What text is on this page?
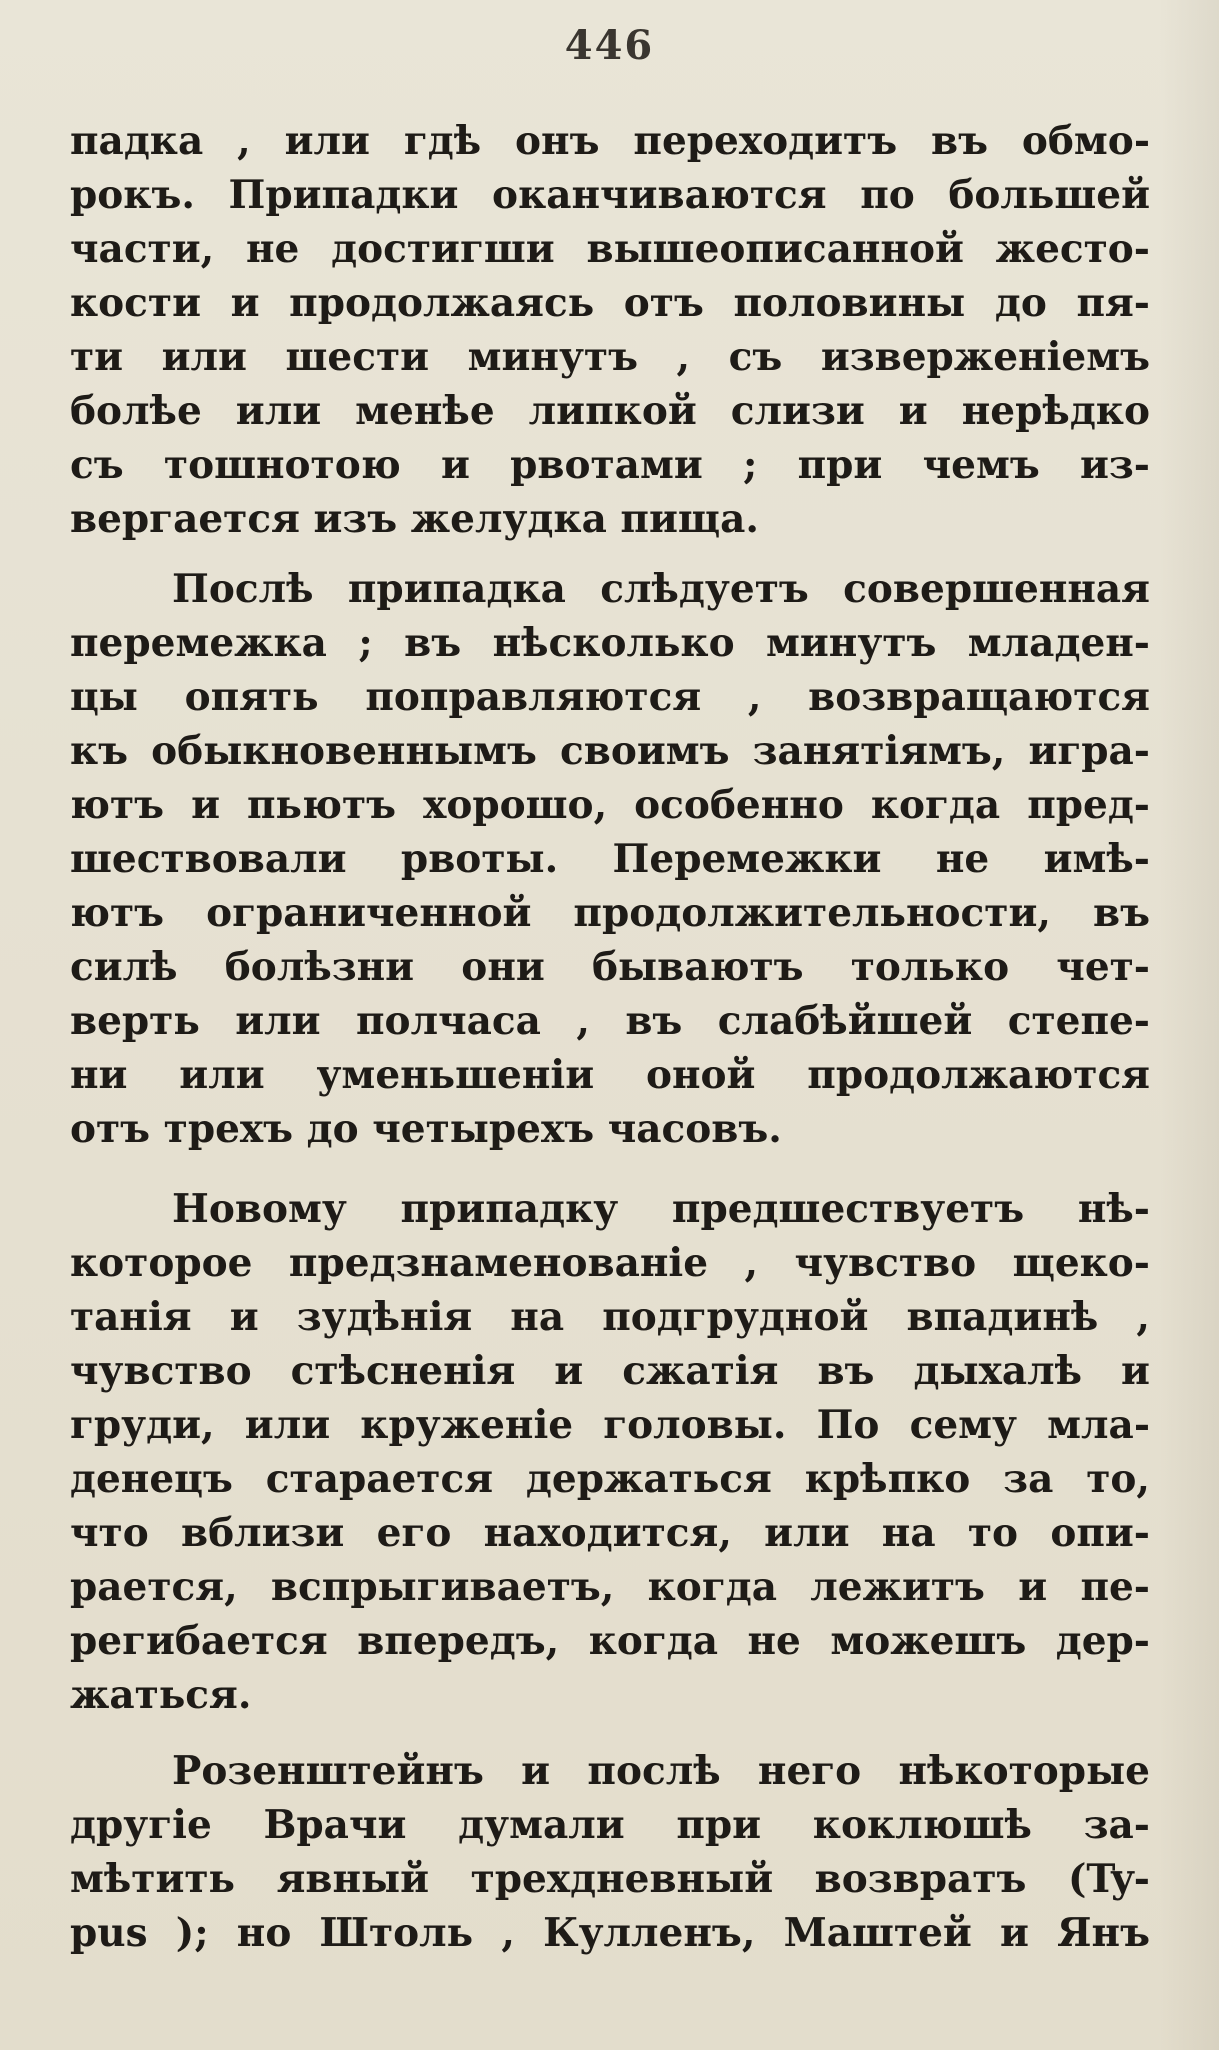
446
падка , или гдѣ онъ переходитъ въ обмо-
рокъ. Припадки оканчиваются по большей
части, не достигши вышеописанной жесто-
кости и продолжаясь отъ половины до пя-
ти или шести минутъ , съ изверженіемъ
болѣе или менѣе липкой слизи и нерѣдко
съ тошнотою и рвотами ; при чемъ из-
вергается изъ желудка пища.
Послѣ припадка слѣдуетъ совершенная
перемежка ; въ нѣсколько минутъ младен-
цы опять поправляются , возвращаются
къ обыкновеннымъ своимъ занятіямъ, игра-
ютъ и пьютъ хорошо, особенно когда пред-
шествовали рвоты. Перемежки не имѣ-
ютъ ограниченной продолжительности, въ
силѣ болѣзни они бываютъ только чет-
верть или полчаса , въ слабѣйшей степе-
ни или уменьшеніи оной продолжаются
отъ трехъ до четырехъ часовъ.
Новому припадку предшествуетъ нѣ-
которое предзнаменованіе , чувство щеко-
танія и зудѣнія на подгрудной впадинѣ ,
чувство стѣсненія и сжатія въ дыхалѣ и
груди, или круженіе головы. По сему мла-
денецъ старается держаться крѣпко за то,
что вблизи его находится, или на то опи-
рается, вспрыгиваетъ, когда лежитъ и пе-
регибается впередъ, когда не можешъ дер-
жаться.
Розенштейнъ и послѣ него нѣкоторые
другіе Врачи думали при коклюшѣ за-
мѣтить явный трехдневный возвратъ (Ty-
pus ); но Штоль , Кулленъ, Маштей и Янъ
